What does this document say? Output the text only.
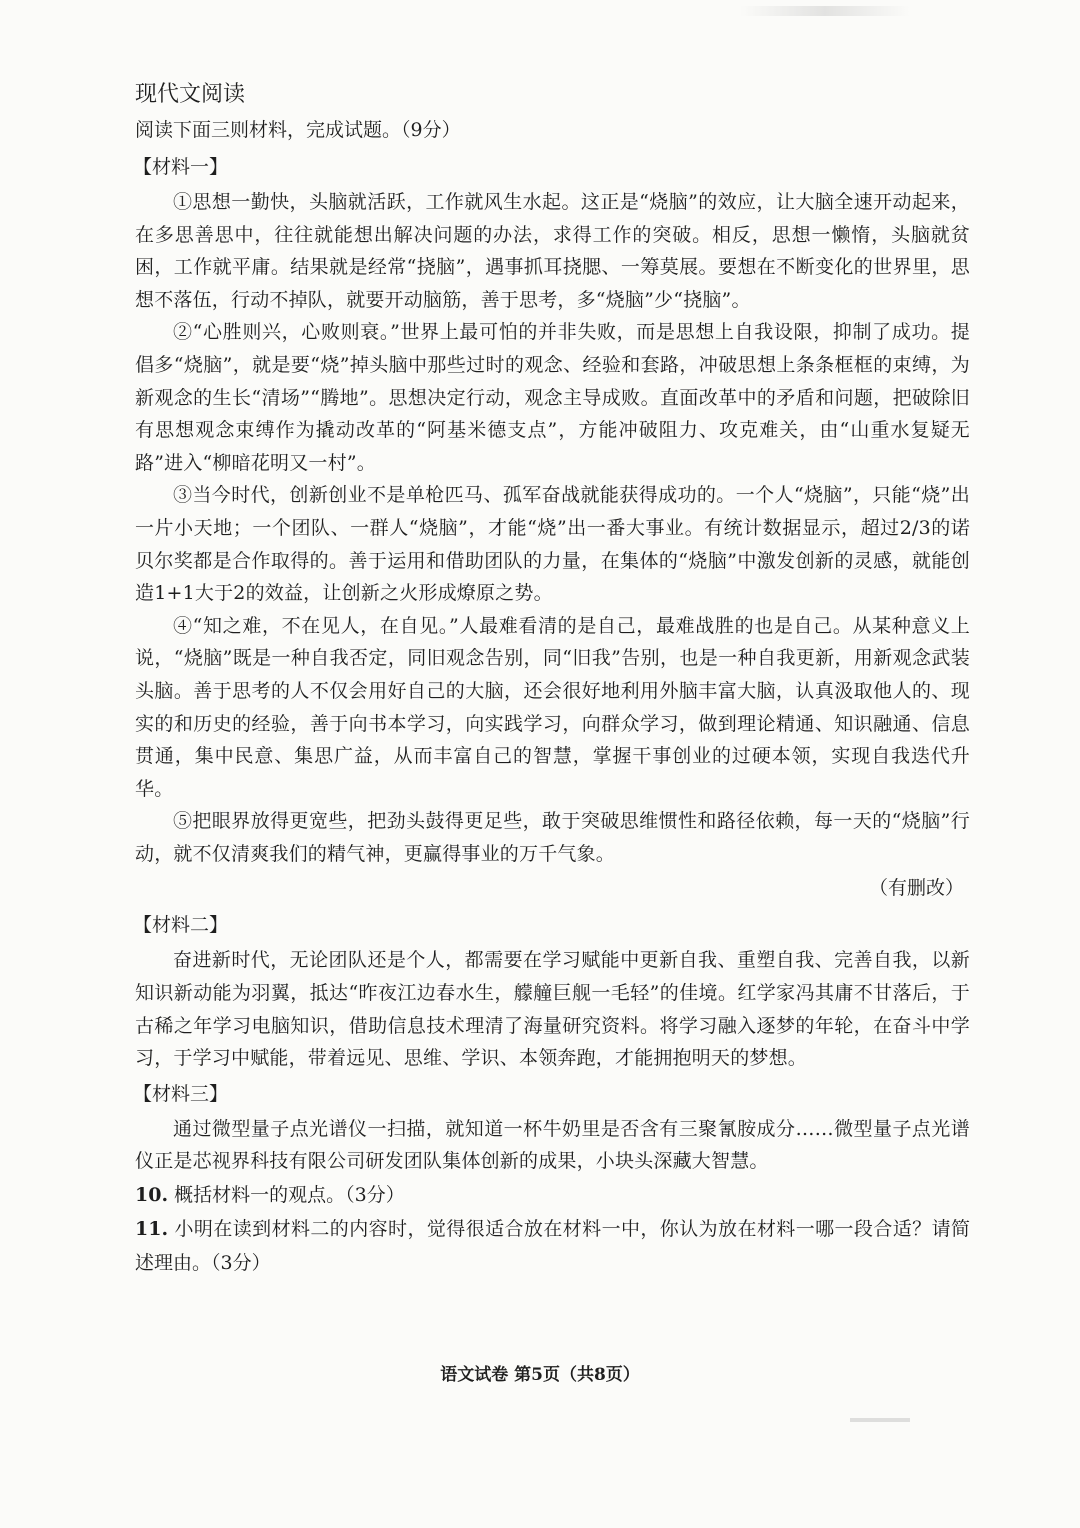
现代文阅读

阅读下面三则材料，完成试题。（9分）

【材料一】

①思想一勤快，头脑就活跃，工作就风生水起。这正是“烧脑”的效应，让大脑全速开动起来，在多思善思中，往往就能想出解决问题的办法，求得工作的突破。相反，思想一懒惰，头脑就贫困，工作就平庸。结果就是经常“挠脑”，遇事抓耳挠腮、一筹莫展。要想在不断变化的世界里，思想不落伍，行动不掉队，就要开动脑筋，善于思考，多“烧脑”少“挠脑”。

②“心胜则兴，心败则衰。”世界上最可怕的并非失败，而是思想上自我设限，抑制了成功。提倡多“烧脑”，就是要“烧”掉头脑中那些过时的观念、经验和套路，冲破思想上条条框框的束缚，为新观念的生长“清场”“腾地”。思想决定行动，观念主导成败。直面改革中的矛盾和问题，把破除旧有思想观念束缚作为撬动改革的“阿基米德支点”，方能冲破阻力、攻克难关，由“山重水复疑无路”进入“柳暗花明又一村”。

③当今时代，创新创业不是单枪匹马、孤军奋战就能获得成功的。一个人“烧脑”，只能“烧”出一片小天地；一个团队、一群人“烧脑”，才能“烧”出一番大事业。有统计数据显示，超过2/3的诺贝尔奖都是合作取得的。善于运用和借助团队的力量，在集体的“烧脑”中激发创新的灵感，就能创造1+1大于2的效益，让创新之火形成燎原之势。

④“知之难，不在见人，在自见。”人最难看清的是自己，最难战胜的也是自己。从某种意义上说，“烧脑”既是一种自我否定，同旧观念告别，同“旧我”告别，也是一种自我更新，用新观念武装头脑。善于思考的人不仅会用好自己的大脑，还会很好地利用外脑丰富大脑，认真汲取他人的、现实的和历史的经验，善于向书本学习，向实践学习，向群众学习，做到理论精通、知识融通、信息贯通，集中民意、集思广益，从而丰富自己的智慧，掌握干事创业的过硬本领，实现自我迭代升华。

⑤把眼界放得更宽些，把劲头鼓得更足些，敢于突破思维惯性和路径依赖，每一天的“烧脑”行动，就不仅清爽我们的精气神，更赢得事业的万千气象。

（有删改）

【材料二】

奋进新时代，无论团队还是个人，都需要在学习赋能中更新自我、重塑自我、完善自我，以新知识新动能为羽翼，抵达“昨夜江边春水生，艨艟巨舰一毛轻”的佳境。红学家冯其庸不甘落后，于古稀之年学习电脑知识，借助信息技术理清了海量研究资料。将学习融入逐梦的年轮，在奋斗中学习，于学习中赋能，带着远见、思维、学识、本领奔跑，才能拥抱明天的梦想。

【材料三】

通过微型量子点光谱仪一扫描，就知道一杯牛奶里是否含有三聚氰胺成分……微型量子点光谱仪正是芯视界科技有限公司研发团队集体创新的成果，小块头深藏大智慧。

10. 概括材料一的观点。（3分）

11. 小明在读到材料二的内容时，觉得很适合放在材料一中，你认为放在材料一哪一段合适？请简述理由。（3分）

语文试卷 第5页（共8页）
